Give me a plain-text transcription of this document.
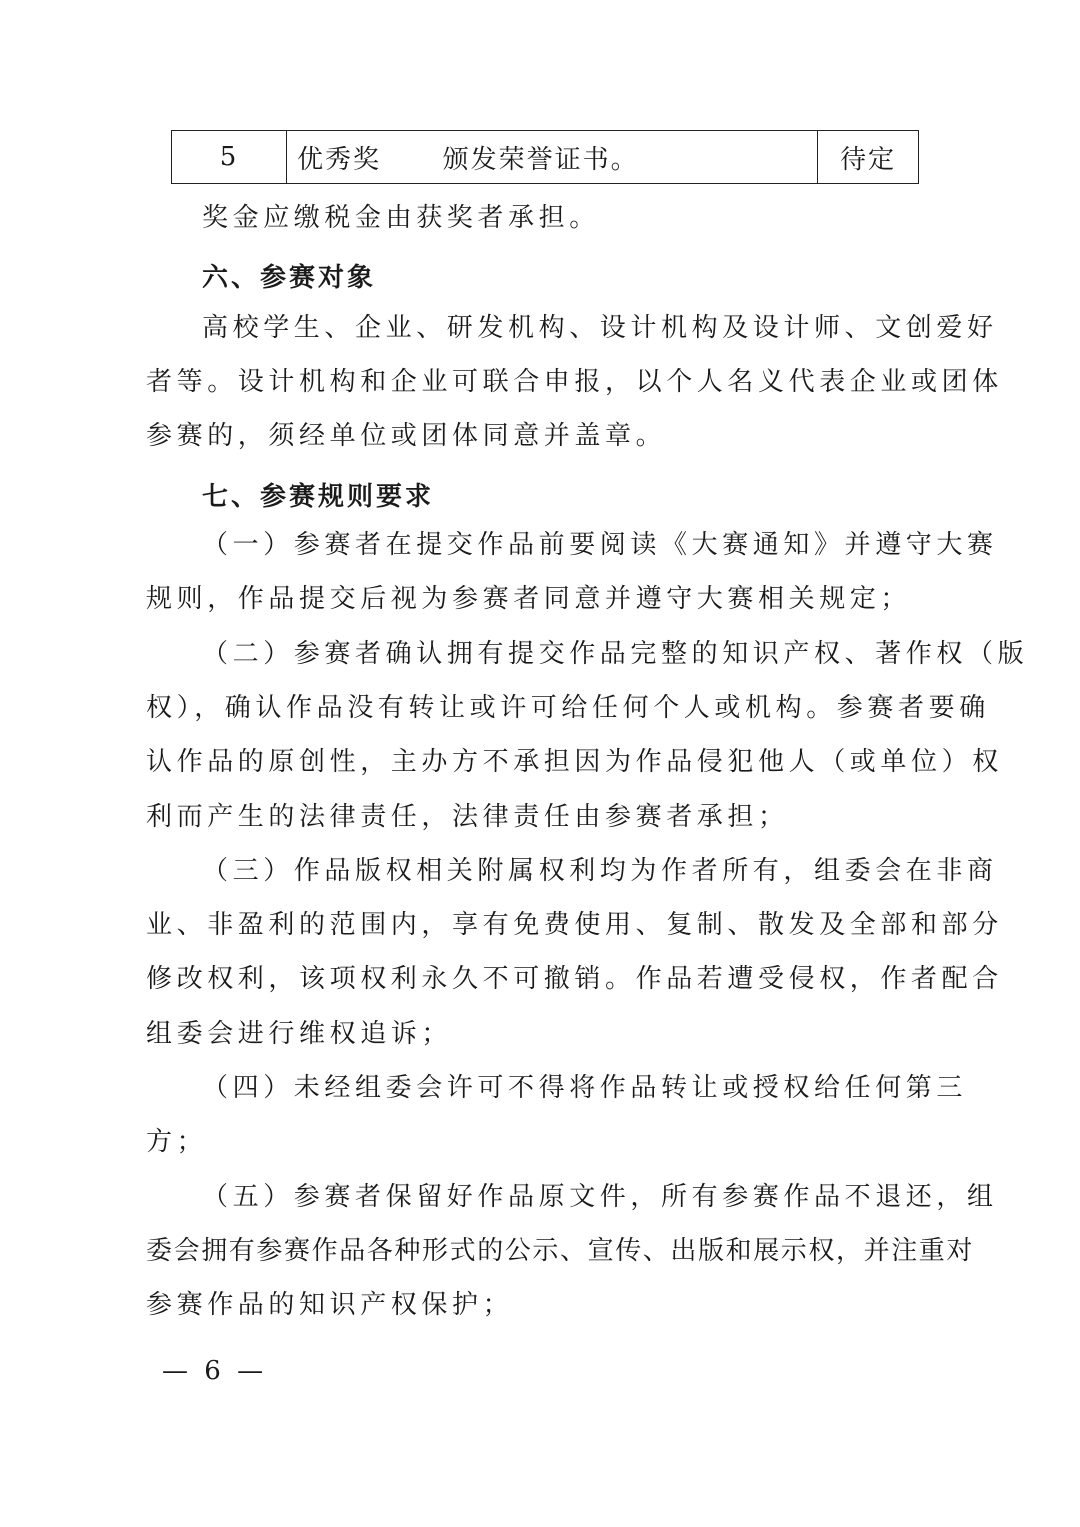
5	优秀奖      颁发荣誉证书。	待定
奖金应缴税金由获奖者承担。
六、参赛对象
高校学生、企业、研发机构、设计机构及设计师、文创爱好
者等。设计机构和企业可联合申报，以个人名义代表企业或团体
参赛的，须经单位或团体同意并盖章。
七、参赛规则要求
（一）参赛者在提交作品前要阅读《大赛通知》并遵守大赛
规则，作品提交后视为参赛者同意并遵守大赛相关规定；
（二）参赛者确认拥有提交作品完整的知识产权、著作权（版
权），确认作品没有转让或许可给任何个人或机构。参赛者要确
认作品的原创性，主办方不承担因为作品侵犯他人（或单位）权
利而产生的法律责任，法律责任由参赛者承担；
（三）作品版权相关附属权利均为作者所有，组委会在非商
业、非盈利的范围内，享有免费使用、复制、散发及全部和部分
修改权利，该项权利永久不可撤销。作品若遭受侵权，作者配合
组委会进行维权追诉；
（四）未经组委会许可不得将作品转让或授权给任何第三
方；
（五）参赛者保留好作品原文件，所有参赛作品不退还，组
委会拥有参赛作品各种形式的公示、宣传、出版和展示权，并注重对
参赛作品的知识产权保护；
— 6 —
